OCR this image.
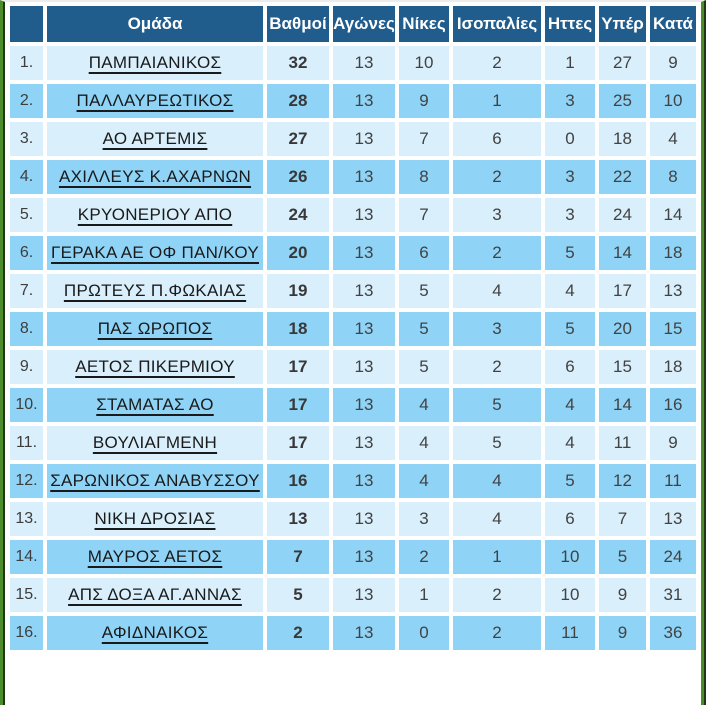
	Ομάδα	Βαθμοί	Αγώνες	Νίκες	Ισοπαλίες	Ηττες	Υπέρ	Κατά
1.	ΠΑΜΠΑΙΑΝΙΚΟΣ	32	13	10	2	1	27	9
2.	ΠΑΛΛΑΥΡΕΩΤΙΚΟΣ	28	13	9	1	3	25	10
3.	ΑΟ ΑΡΤΕΜΙΣ	27	13	7	6	0	18	4
4.	ΑΧΙΛΛΕΥΣ Κ.ΑΧΑΡΝΩΝ	26	13	8	2	3	22	8
5.	ΚΡΥΟΝΕΡΙΟΥ ΑΠΟ	24	13	7	3	3	24	14
6.	ΓΕΡΑΚΑ ΑΕ ΟΦ ΠΑΝ/ΚΟΥ	20	13	6	2	5	14	18
7.	ΠΡΩΤΕΥΣ Π.ΦΩΚΑΙΑΣ	19	13	5	4	4	17	13
8.	ΠΑΣ ΩΡΩΠΟΣ	18	13	5	3	5	20	15
9.	ΑΕΤΟΣ ΠΙΚΕΡΜΙΟΥ	17	13	5	2	6	15	18
10.	ΣΤΑΜΑΤΑΣ ΑΟ	17	13	4	5	4	14	16
11.	ΒΟΥΛΙΑΓΜΕΝΗ	17	13	4	5	4	11	9
12.	ΣΑΡΩΝΙΚΟΣ ΑΝΑΒΥΣΣΟΥ	16	13	4	4	5	12	11
13.	ΝΙΚΗ ΔΡΟΣΙΑΣ	13	13	3	4	6	7	13
14.	ΜΑΥΡΟΣ ΑΕΤΟΣ	7	13	2	1	10	5	24
15.	ΑΠΣ ΔΟΞΑ ΑΓ.ΑΝΝΑΣ	5	13	1	2	10	9	31
16.	ΑΦΙΔΝΑΙΚΟΣ	2	13	0	2	11	9	36
